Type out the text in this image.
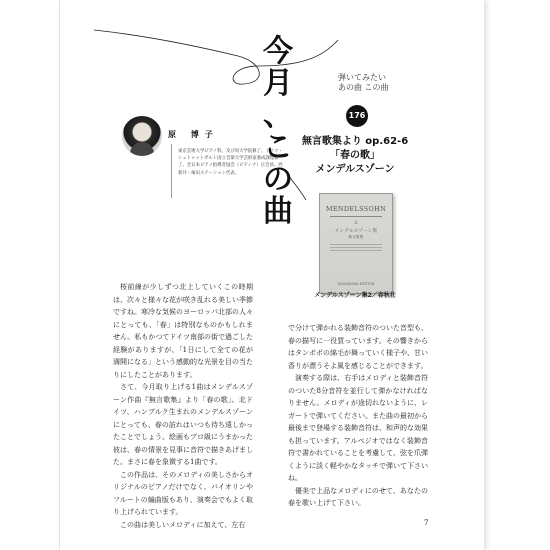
今
月
、
こ
の
曲
弾いてみたい
あの曲 この曲
176
無言歌集より op.62-6
「春の歌」
メンデルスゾーン
原 博子
東京芸術大学ピアノ科、及び同大学院修了。ドイツ・シュトゥットガルト国立音楽大学芸術家養成課程修了。全日本ピアノ指導者協会（ピティナ）正会員。西新井・塚田ステーション代表。
MENDELSSOHN
2
メンデルスゾーン集
無言歌集
SHUNJUSHA EDITION
メンデルスゾーン集2／春秋社

桜前線が少しずつ北上していくこの時期は、次々と様々な花が咲き乱れる美しい季節ですね。寒冷な気候のヨーロッパ北部の人々にとっても、「春」は特別なものかもしれません。私もかつてドイツ南部の街で過ごした経験がありますが、「1日にして全ての花が満開になる」という感動的な光景を目の当たりにしたことがあります。

さて、今月取り上げる1曲はメンデルスゾーン作曲『無言歌集』より「春の歌」。北ドイツ、ハンブルク生まれのメンデルスゾーンにとっても、春の訪れはいつも待ち遠しかったことでしょう。絵画もプロ級にうまかった彼は、春の情景を見事に音符で描きあげました。まさに春を象徴する1曲です。

この作品は、そのメロディの美しさからオリジナルのピアノだけでなく、バイオリンやフルートの編曲版もあり、演奏会でもよく取り上げられています。

この曲は美しいメロディに加えて、左右

で分けて弾かれる装飾音符のついた音型も、春の描写に一役買っています。その響きからはタンポポの綿毛が舞っていく様子や、甘い香りが漂うそよ風を感じることができます。

演奏する際は、右手はメロディと装飾音符のついた8分音符を並行して弾かなければなりません。メロディが途切れないように、レガートで弾いてください。また曲の最初から最後まで登場する装飾音符は、和声的な効果も担っています。アルペジオではなく装飾音符で書かれていることを考慮して、弦を爪弾くように淡く軽やかなタッチで弾いて下さいね。

優美で上品なメロディにのせて、あなたの春を歌い上げて下さい。

7
